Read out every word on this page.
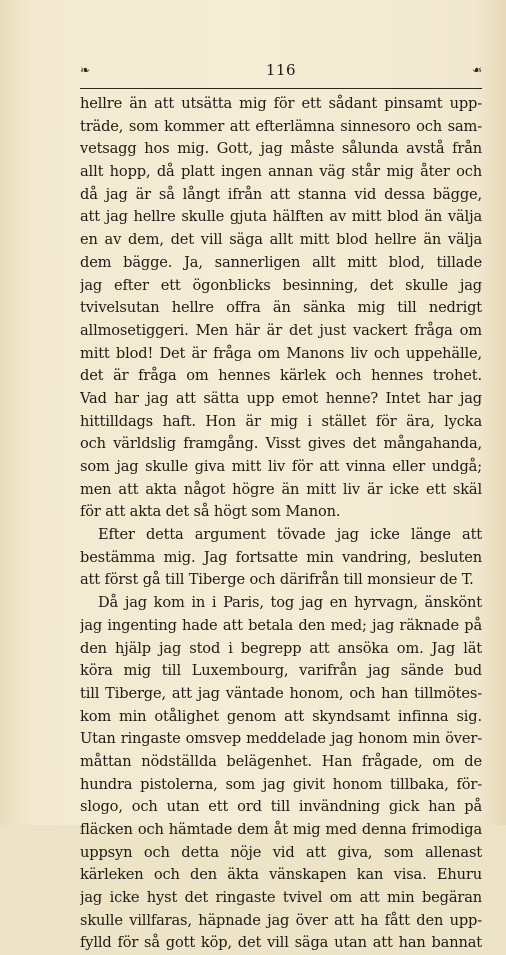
❧	116	❧
hellre än att utsätta mig för ett sådant pinsamt upp-
träde, som kommer att efterlämna sinnesoro och sam-
vetsagg hos mig. Gott, jag måste sålunda avstå från
allt hopp, då platt ingen annan väg står mig åter och
då jag är så långt ifrån att stanna vid dessa bägge,
att jag hellre skulle gjuta hälften av mitt blod än välja
en av dem, det vill säga allt mitt blod hellre än välja
dem bägge. Ja, sannerligen allt mitt blod, tillade
jag efter ett ögonblicks besinning, det skulle jag
tvivelsutan hellre offra än sänka mig till nedrigt
allmosetiggeri. Men här är det just vackert fråga om
mitt blod! Det är fråga om Manons liv och uppehälle,
det är fråga om hennes kärlek och hennes trohet.
Vad har jag att sätta upp emot henne? Intet har jag
hittilldags haft. Hon är mig i stället för ära, lycka
och världslig framgång. Visst gives det mångahanda,
som jag skulle giva mitt liv för att vinna eller undgå;
men att akta något högre än mitt liv är icke ett skäl
för att akta det så högt som Manon.
Efter detta argument tövade jag icke länge att
bestämma mig. Jag fortsatte min vandring, besluten
att först gå till Tiberge och därifrån till monsieur de T.
Då jag kom in i Paris, tog jag en hyrvagn, änskönt
jag ingenting hade att betala den med; jag räknade på
den hjälp jag stod i begrepp att ansöka om. Jag lät
köra mig till Luxembourg, varifrån jag sände bud
till Tiberge, att jag väntade honom, och han tillmötes-
kom min otålighet genom att skyndsamt infinna sig.
Utan ringaste omsvep meddelade jag honom min över-
måttan nödställda belägenhet. Han frågade, om de
hundra pistolerna, som jag givit honom tillbaka, för-
slogo, och utan ett ord till invändning gick han på
fläcken och hämtade dem åt mig med denna frimodiga
uppsyn och detta nöje vid att giva, som allenast
kärleken och den äkta vänskapen kan visa. Ehuru
jag icke hyst det ringaste tvivel om att min begäran
skulle villfaras, häpnade jag över att ha fått den upp-
fylld för så gott köp, det vill säga utan att han bannat
